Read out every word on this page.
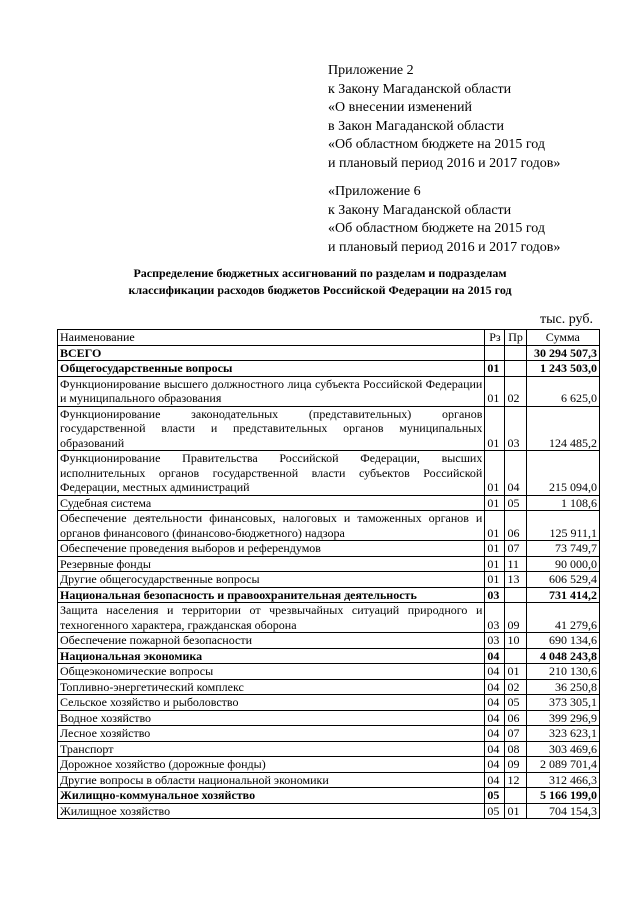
Приложение 2
к Закону Магаданской области
«О внесении изменений
в Закон Магаданской области
«Об областном бюджете на 2015 год
и плановый период 2016 и 2017 годов»
«Приложение 6
к Закону Магаданской области
«Об областном бюджете на 2015 год
и плановый период 2016 и 2017 годов»
Распределение бюджетных ассигнований по разделам и подразделам
классификации расходов бюджетов Российской Федерации на 2015 год
тыс. руб.
Наименование	Рз	Пр	Сумма
ВСЕГО			30 294 507,3
Общегосударственные вопросы	01		1 243 503,0
Функционирование высшего должностного лица субъекта Российской Федерации и муниципального образования	01	02	6 625,0
Функционирование законодательных (представительных) органов государственной власти и представительных органов муниципальных образований	01	03	124 485,2
Функционирование Правительства Российской Федерации, высших исполнительных органов государственной власти субъектов Российской Федерации, местных администраций	01	04	215 094,0
Судебная система	01	05	1 108,6
Обеспечение деятельности финансовых, налоговых и таможенных органов и органов финансового (финансово-бюджетного) надзора	01	06	125 911,1
Обеспечение проведения выборов и референдумов	01	07	73 749,7
Резервные фонды	01	11	90 000,0
Другие общегосударственные вопросы	01	13	606 529,4
Национальная безопасность и правоохранительная деятельность	03		731 414,2
Защита населения и территории от чрезвычайных ситуаций природного и техногенного характера, гражданская оборона	03	09	41 279,6
Обеспечение пожарной безопасности	03	10	690 134,6
Национальная экономика	04		4 048 243,8
Общеэкономические вопросы	04	01	210 130,6
Топливно-энергетический комплекс	04	02	36 250,8
Сельское хозяйство и рыболовство	04	05	373 305,1
Водное хозяйство	04	06	399 296,9
Лесное хозяйство	04	07	323 623,1
Транспорт	04	08	303 469,6
Дорожное хозяйство (дорожные фонды)	04	09	2 089 701,4
Другие вопросы в области национальной экономики	04	12	312 466,3
Жилищно-коммунальное хозяйство	05		5 166 199,0
Жилищное хозяйство	05	01	704 154,3
